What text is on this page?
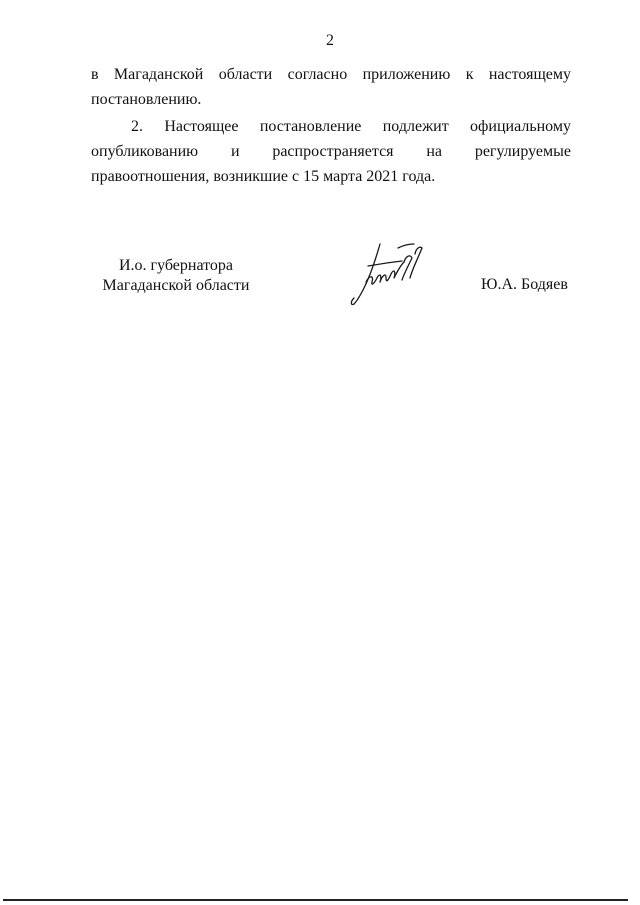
2
в Магаданской области согласно приложению к настоящему постановлению.
2. Настоящее постановление подлежит официальному опубликованию и распространяется на регулируемые правоотношения, возникшие с 15 марта 2021 года.
И.о. губернатора
Магаданской области	Ю.А. Бодяев
